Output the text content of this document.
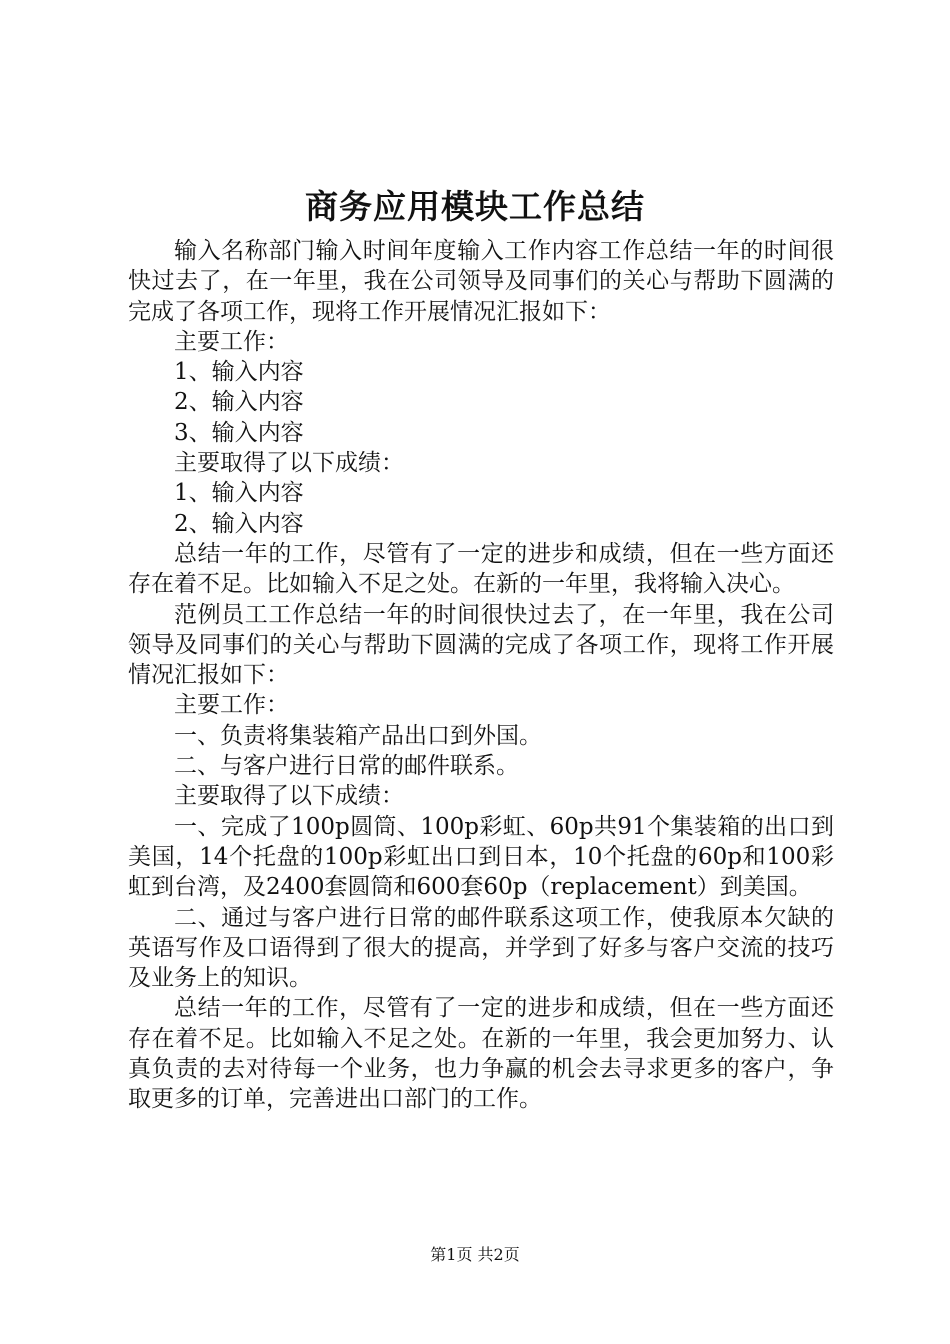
商务应用模块工作总结

输入名称部门输入时间年度输入工作内容工作总结一年的时间很快过去了，在一年里，我在公司领导及同事们的关心与帮助下圆满的完成了各项工作，现将工作开展情况汇报如下：

主要工作：

1、输入内容

2、输入内容

3、输入内容

主要取得了以下成绩：

1、输入内容

2、输入内容

总结一年的工作，尽管有了一定的进步和成绩，但在一些方面还存在着不足。比如输入不足之处。在新的一年里，我将输入决心。

范例员工工作总结一年的时间很快过去了，在一年里，我在公司领导及同事们的关心与帮助下圆满的完成了各项工作，现将工作开展情况汇报如下：

主要工作：

一、负责将集装箱产品出口到外国。

二、与客户进行日常的邮件联系。

主要取得了以下成绩：

一、完成了100p圆筒、100p彩虹、60p共91个集装箱的出口到美国，14个托盘的100p彩虹出口到日本，10个托盘的60p和100彩虹到台湾，及2400套圆筒和600套60p（replacement）到美国。

二、通过与客户进行日常的邮件联系这项工作，使我原本欠缺的英语写作及口语得到了很大的提高，并学到了好多与客户交流的技巧及业务上的知识。

总结一年的工作，尽管有了一定的进步和成绩，但在一些方面还存在着不足。比如输入不足之处。在新的一年里，我会更加努力、认真负责的去对待每一个业务，也力争赢的机会去寻求更多的客户，争取更多的订单，完善进出口部门的工作。

第1页 共2页
